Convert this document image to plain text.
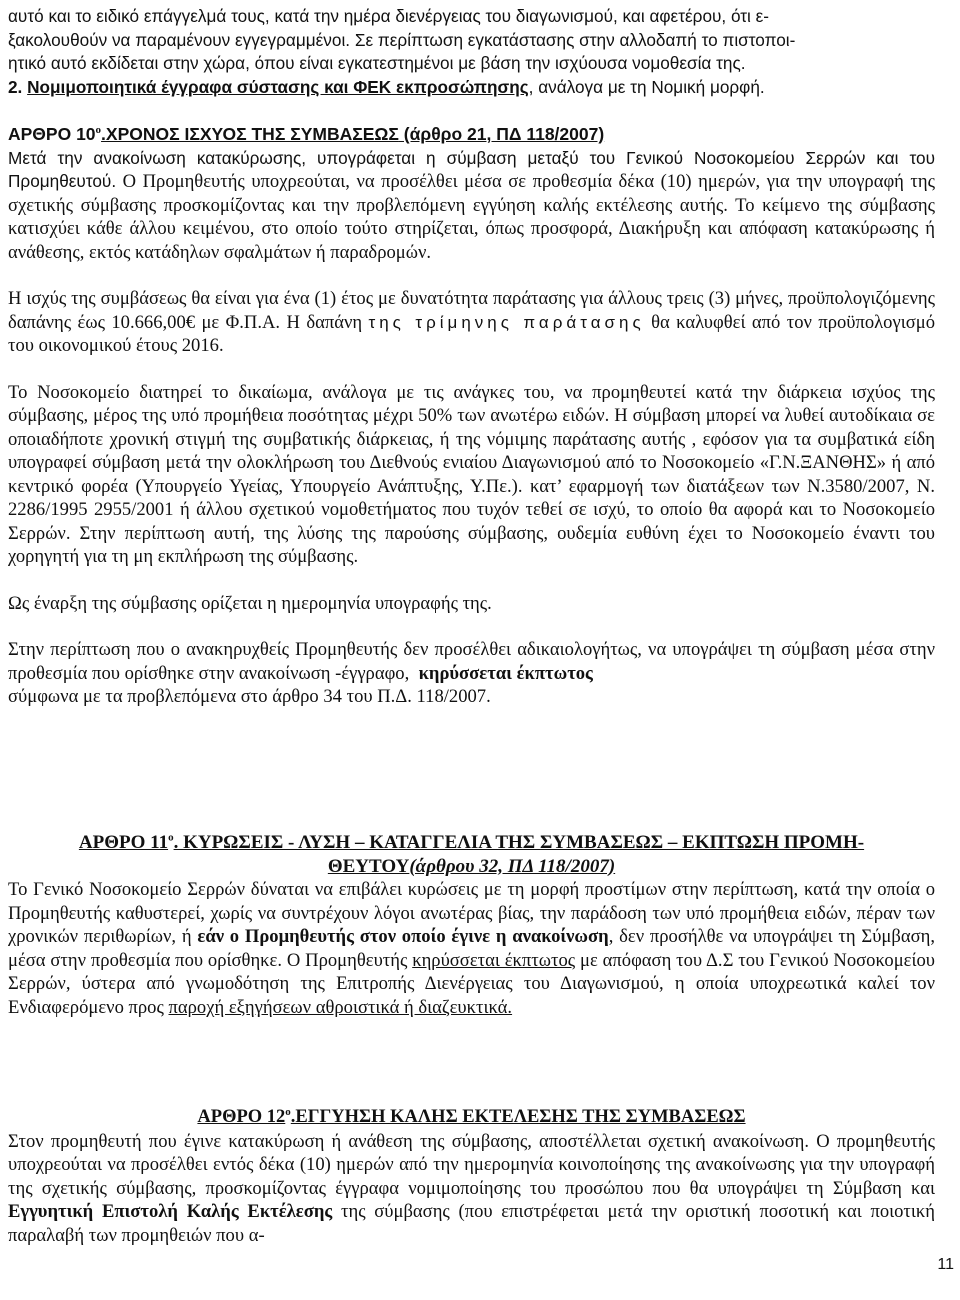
αυτό και το ειδικό επάγγελμά τους, κατά την ημέρα διενέργειας του διαγωνισμού, και αφετέρου, ότι ε-

ξακολουθούν να παραμένουν εγγεγραμμένοι. Σε περίπτωση εγκατάστασης στην αλλοδαπή το πιστοποι-

ητικό αυτό εκδίδεται στην χώρα, όπου είναι εγκατεστημένοι με βάση την ισχύουσα νομοθεσία της.

2. Νομιμοποιητικά έγγραφα σύστασης και ΦΕΚ εκπροσώπησης, ανάλογα με τη Νομική μορφή.

ΑΡΘΡΟ $10^o.XPONO\Sigma$ ΙΣΧΥΟΣ ΤΗΣ ΣΥΜΒΑΣΕΩΣ (άρθρο 21, ΠΔ 118/2007)

Μετά την ανακοίνωση κατακύρωσης, υπογράφεται η σύμβαση μεταξύ του Γενικού Νοσοκομείου Σερρών και του Προμηθευτού. Ο Προμηθευτής υποχρεούται, να προσέλθει μέσα σε προθεσμία δέκα (10) ημερών, για την υπογραφή της σχετικής σύμβασης προσκομίζοντας και την προβλεπόμενη εγγύηση καλής εκτέλεσης αυτής. Το κείμενο της σύμβασης κατισχύει κάθε άλλου κειμένου, στο οποίο τούτο στηρίζεται, όπως προσφορά, Διακήρυξη και απόφαση κατακύρωσης ή ανάθεσης, εκτός κατάδηλων σφαλμάτων ή παραδρομών.

Η ισχύς της συμβάσεως θα είναι για ένα (1) έτος με δυνατότητα παράτασης για άλλους τρεις (3) μήνες, προϋπολογιζόμενης δαπάνης έως 10.666,00€ με Φ.Π.Α. Η δαπάνη της τρίμηνης παράτασης θα καλυφθεί από τον προϋπολογισμό του οικονομικού έτους 2016.

Το Νοσοκομείο διατηρεί το δικαίωμα, ανάλογα με τις ανάγκες του, να προμηθευτεί κατά την διάρκεια ισχύος της σύμβασης, μέρος της υπό προμήθεια ποσότητας μέχρι 50% των ανωτέρω ειδών. Η σύμβαση μπορεί να λυθεί αυτοδίκαια σε οποιαδήποτε χρονική στιγμή της συμβατικής διάρκειας, ή της νόμιμης παράτασης αυτής , εφόσον για τα συμβατικά είδη υπογραφεί σύμβαση μετά την ολοκλήρωση του Διεθνούς ενιαίου Διαγωνισμού από το Νοσοκομείο «Γ.Ν.ΞΑΝΘΗΣ» ή από κεντρικό φορέα (Υπουργείο Υγείας, Υπουργείο Ανάπτυξης, Υ.Πε.). κατ’ εφαρμογή των διατάξεων των Ν.3580/2007, Ν. 2286/1995 2955/2001 ή άλλου σχετικού νομοθετήματος που τυχόν τεθεί σε ισχύ, το οποίο θα αφορά και το Νοσοκομείο Σερρών. Στην περίπτωση αυτή, της λύσης της παρούσης σύμβασης, ουδεμία ευθύνη έχει το Νοσοκομείο έναντι του χορηγητή για τη μη εκπλήρωση της σύμβασης.

Ως έναρξη της σύμβασης ορίζεται η ημερομηνία υπογραφής της.

Στην περίπτωση που ο ανακηρυχθείς Προμηθευτής δεν προσέλθει αδικαιολογήτως, να υπογράψει τη σύμβαση μέσα στην προθεσμία που ορίσθηκε στην ανακοίνωση -έγγραφο, κηρύσσεται έκπτωτος
σύμφωνα με τα προβλεπόμενα στο άρθρο 34 του Π.Δ. 118/2007.

ΑΡΘΡΟ $11^o$. ΚΥΡΩΣΕΙΣ - ΛΥΣΗ – ΚΑΤΑΓΓΕΛΙΑ ΤΗΣ ΣΥΜΒΑΣΕΩΣ – ΕΚΠΤΩΣΗ ΠΡΟΜΗ-
ΘΕΥΤΟΥ(άρθρου 32, ΠΔ 118/2007)

Το Γενικό Νοσοκομείο Σερρών δύναται να επιβάλει κυρώσεις με τη μορφή προστίμων στην περίπτωση, κατά την οποία ο Προμηθευτής καθυστερεί, χωρίς να συντρέχουν λόγοι ανωτέρας βίας, την παράδοση των υπό προμήθεια ειδών, πέραν των χρονικών περιθωρίων, ή εάν ο Προμηθευτής στον οποίο έγινε η ανακοίνωση, δεν προσήλθε να υπογράψει τη Σύμβαση, μέσα στην προθεσμία που ορίσθηκε. Ο Προμηθευτής κηρύσσεται έκπτωτος με απόφαση του Δ.Σ του Γενικού Νοσοκομείου Σερρών, ύστερα από γνωμοδότηση της Επιτροπής Διενέργειας του Διαγωνισμού, η οποία υποχρεωτικά καλεί τον Ενδιαφερόμενο προς παροχή εξηγήσεων αθροιστικά ή διαζευκτικά.

ΑΡΘΡΟ $12^o.E\Gamma\Gamma\Upsilon H\Sigma H$ ΚΑΛΗΣ ΕΚΤΕΛΕΣΗΣ ΤΗΣ ΣΥΜΒΑΣΕΩΣ

Στον προμηθευτή που έγινε κατακύρωση ή ανάθεση της σύμβασης, αποστέλλεται σχετική ανακοίνωση. Ο προμηθευτής υποχρεούται να προσέλθει εντός δέκα (10) ημερών από την ημερομηνία κοινοποίησης της ανακοίνωσης για την υπογραφή της σχετικής σύμβασης, προσκομίζοντας έγγραφα νομιμοποίησης του προσώπου που θα υπογράψει τη Σύμβαση και Εγγυητική Επιστολή Καλής Εκτέλεσης της σύμβασης (που επιστρέφεται μετά την οριστική ποσοτική και ποιοτική παραλαβή των προμηθειών που α-

11
